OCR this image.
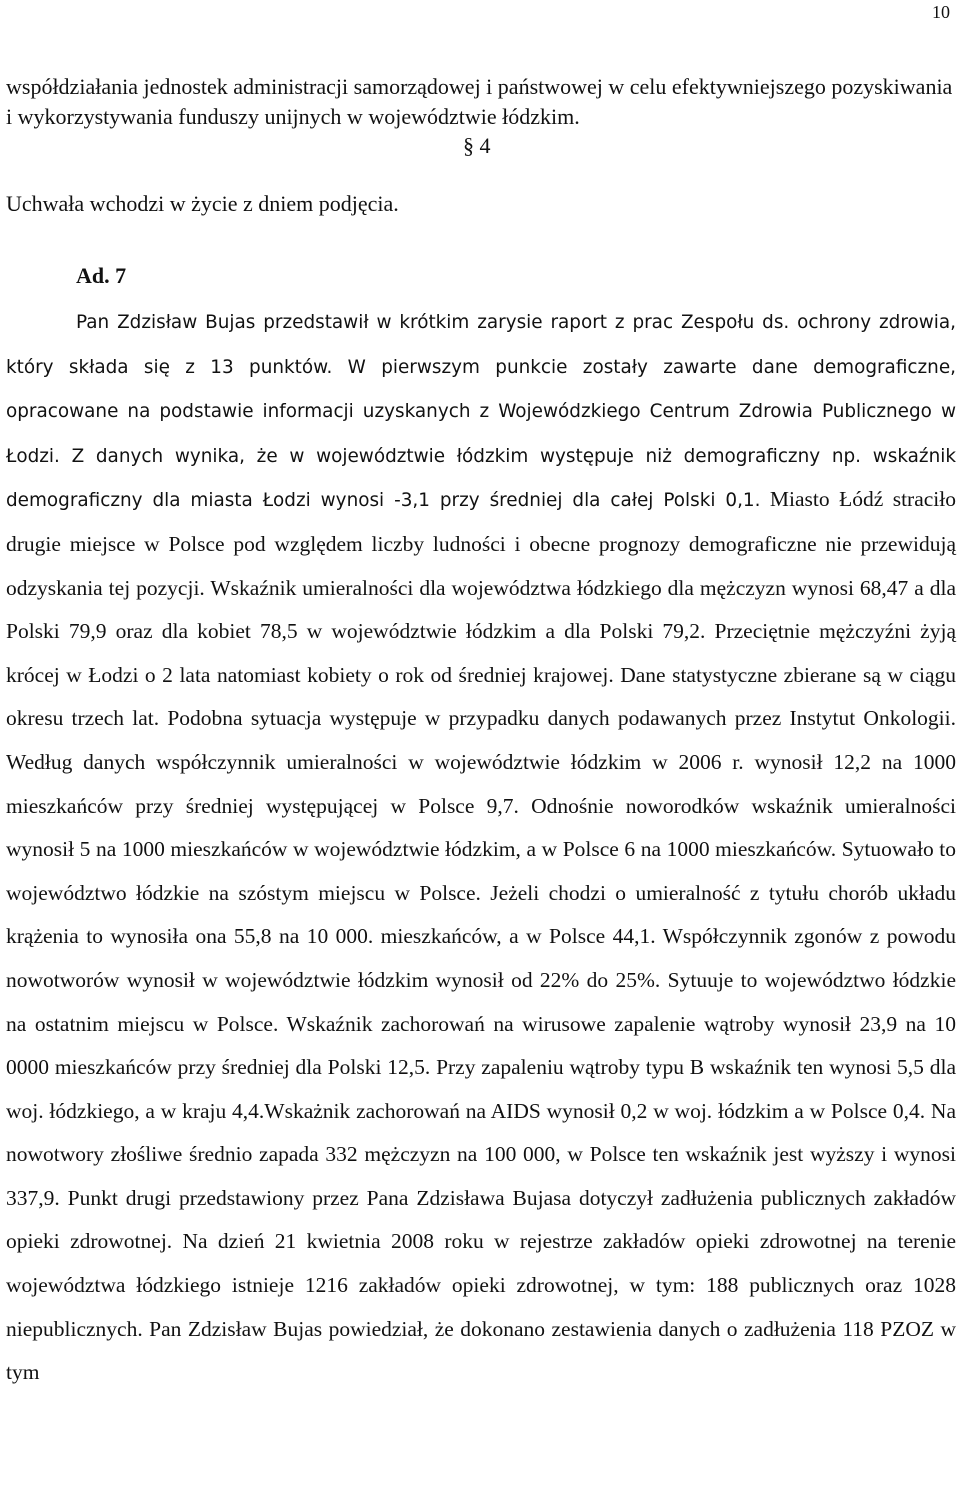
10
współdziałania jednostek administracji samorządowej i państwowej w celu efektywniejszego pozyskiwania i wykorzystywania funduszy unijnych w województwie łódzkim.
§ 4
Uchwała wchodzi w życie z dniem podjęcia.
Ad. 7
Pan Zdzisław Bujas przedstawił w krótkim zarysie raport z prac Zespołu ds. ochrony zdrowia, który składa się z 13 punktów. W pierwszym punkcie zostały zawarte dane demograficzne, opracowane na podstawie informacji uzyskanych z Wojewódzkiego Centrum Zdrowia Publicznego w Łodzi. Z danych wynika, że w województwie łódzkim występuje niż demograficzny np. wskaźnik demograficzny dla miasta Łodzi wynosi -3,1 przy średniej dla całej Polski 0,1. Miasto Łódź straciło drugie miejsce w Polsce pod względem liczby ludności i obecne prognozy demograficzne nie przewidują odzyskania tej pozycji. Wskaźnik umieralności dla województwa łódzkiego dla mężczyzn wynosi 68,47 a dla Polski 79,9 oraz dla kobiet 78,5 w województwie łódzkim a dla Polski 79,2. Przeciętnie mężczyźni żyją krócej w Łodzi o 2 lata natomiast kobiety o rok od średniej krajowej. Dane statystyczne zbierane są w ciągu okresu trzech lat. Podobna sytuacja występuje w przypadku danych podawanych przez Instytut Onkologii. Według danych współczynnik umieralności w województwie łódzkim w 2006 r. wynosił 12,2 na 1000 mieszkańców przy średniej występującej w Polsce 9,7. Odnośnie noworodków wskaźnik umieralności wynosił 5 na 1000 mieszkańców w województwie łódzkim, a w Polsce 6 na 1000 mieszkańców. Sytuowało to województwo łódzkie na szóstym miejscu w Polsce. Jeżeli chodzi o umieralność z tytułu chorób układu krążenia to wynosiła ona 55,8 na 10 000. mieszkańców, a w Polsce 44,1. Współczynnik zgonów z powodu nowotworów wynosił w województwie łódzkim wynosił od 22% do 25%. Sytuuje to województwo łódzkie na ostatnim miejscu w Polsce. Wskaźnik zachorowań na wirusowe zapalenie wątroby wynosił 23,9 na 10 0000 mieszkańców przy średniej dla Polski 12,5. Przy zapaleniu wątroby typu B wskaźnik ten wynosi 5,5 dla woj. łódzkiego, a w kraju 4,4.Wskażnik zachorowań na AIDS wynosił 0,2 w woj. łódzkim a w Polsce 0,4. Na nowotwory złośliwe średnio zapada 332 mężczyzn na 100 000, w Polsce ten wskaźnik jest wyższy i wynosi 337,9. Punkt drugi przedstawiony przez Pana Zdzisława Bujasa dotyczył zadłużenia publicznych zakładów opieki zdrowotnej. Na dzień 21 kwietnia 2008 roku w rejestrze zakładów opieki zdrowotnej na terenie województwa łódzkiego istnieje 1216 zakładów opieki zdrowotnej, w tym: 188 publicznych oraz 1028 niepublicznych. Pan Zdzisław Bujas powiedział, że dokonano zestawienia danych o zadłużenia 118 PZOZ w tym
